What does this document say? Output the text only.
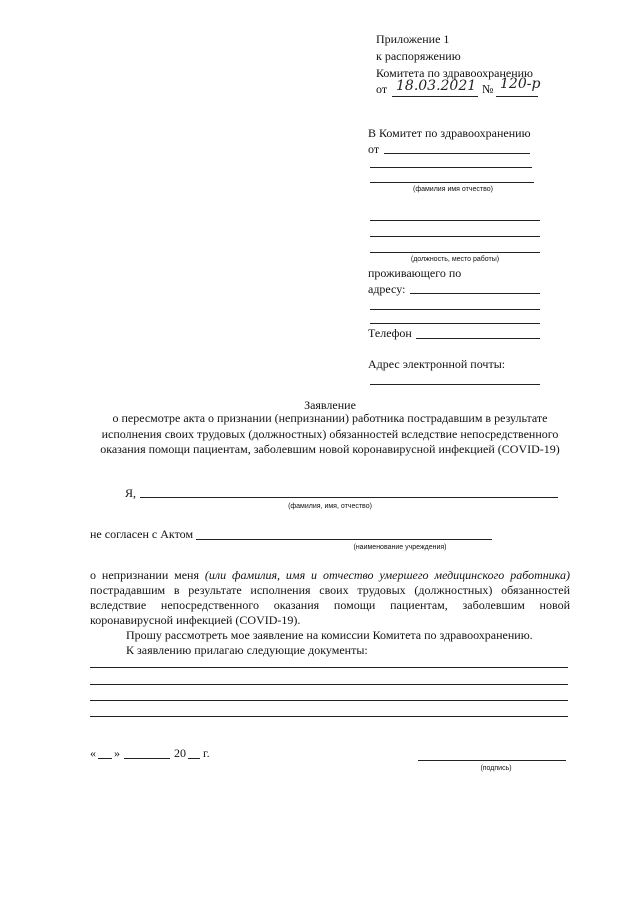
Приложение 1
к распоряжению
Комитета по здравоохранению
от 18.03.2021 № 120-р
В Комитет по здравоохранению
от
(фамилия имя отчество)
(должность, место работы)
проживающего по
адресу:
Телефон
Адрес электронной почты:
Заявление
о пересмотре акта о признании (непризнании) работника пострадавшим в результате
исполнения своих трудовых (должностных) обязанностей вследствие непосредственного
оказания помощи пациентам, заболевшим новой коронавирусной инфекцией (COVID-19)
Я,
(фамилия, имя, отчество)
не согласен с Актом
(наименование учреждения)
о непризнании меня (или фамилия, имя и отчество умершего медицинского работника)
пострадавшим в результате исполнения своих трудовых (должностных) обязанностей
вследствие непосредственного оказания помощи пациентам, заболевшим новой
коронавирусной инфекцией (COVID-19).
Прошу рассмотреть мое заявление на комиссии Комитета по здравоохранению.
К заявлению прилагаю следующие документы:
« »	20 г.
(подпись)
